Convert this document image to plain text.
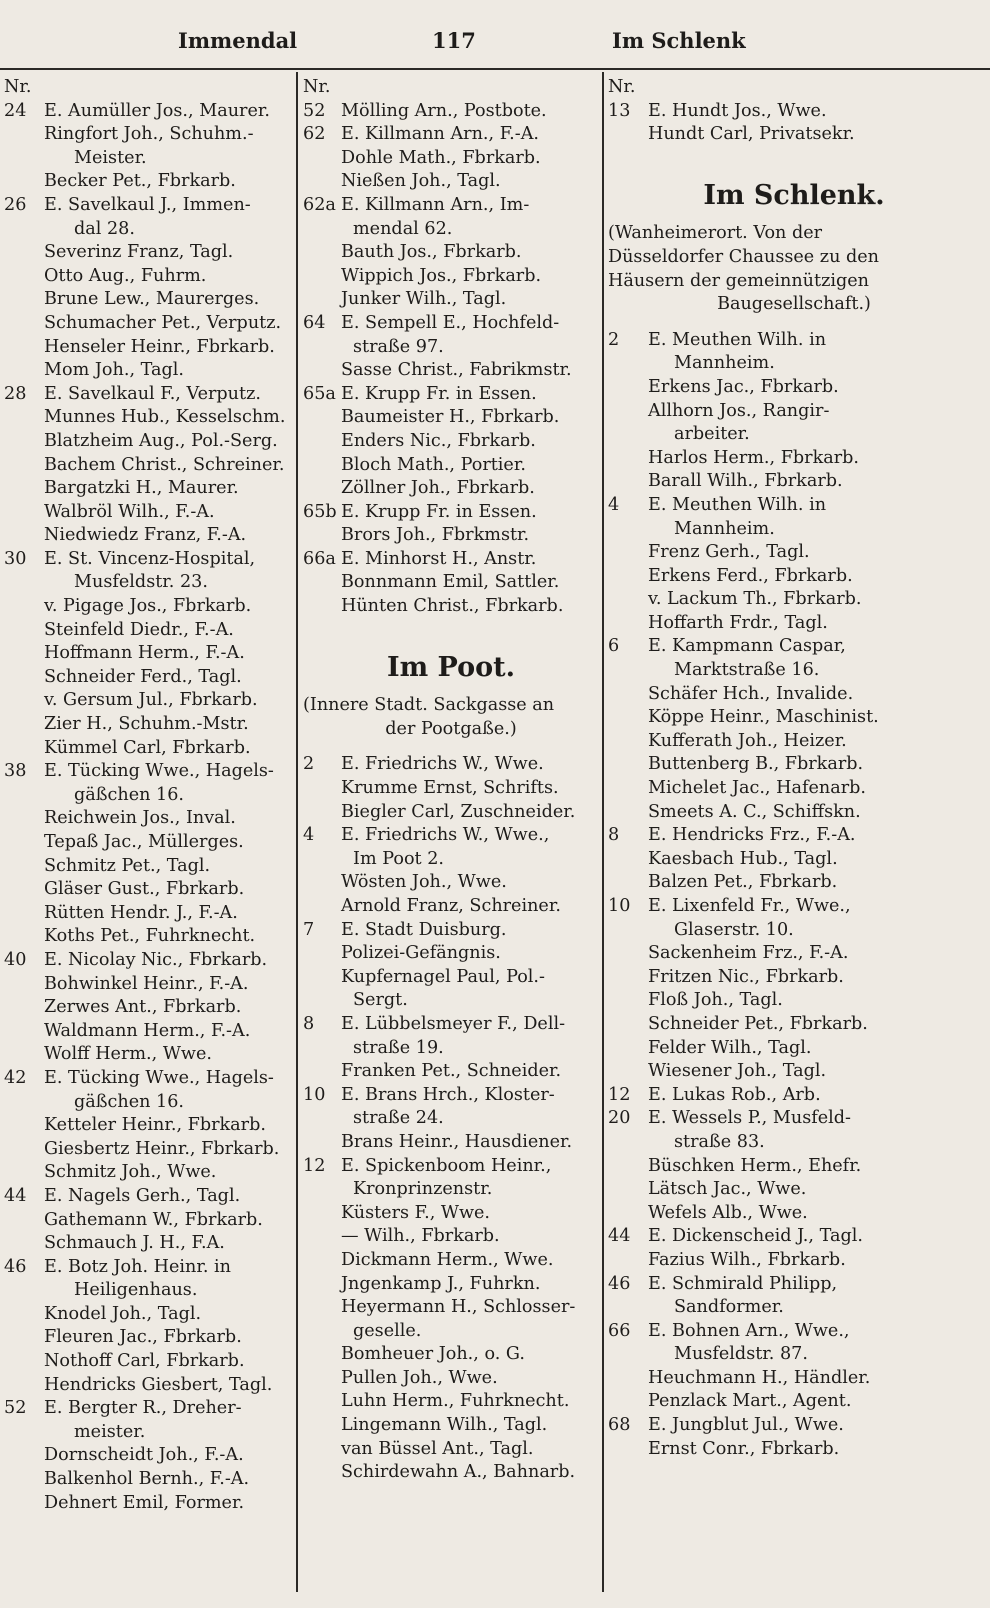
Immendal	117	Im Schlenk
Nr.
24 E. Aumüller Jos., Maurer.
Ringfort Joh., Schuhm.-
Meister.
Becker Pet., Fbrkarb.
26 E. Savelkaul J., Immen-
dal 28.
Severinz Franz, Tagl.
Otto Aug., Fuhrm.
Brune Lew., Maurerges.
Schumacher Pet., Verputz.
Henseler Heinr., Fbrkarb.
Mom Joh., Tagl.
28 E. Savelkaul F., Verputz.
Munnes Hub., Kesselschm.
Blatzheim Aug., Pol.-Serg.
Bachem Christ., Schreiner.
Bargatzki H., Maurer.
Walbröl Wilh., F.-A.
Niedwiedz Franz, F.-A.
30 E. St. Vincenz-Hospital,
Musfeldstr. 23.
v. Pigage Jos., Fbrkarb.
Steinfeld Diedr., F.-A.
Hoffmann Herm., F.-A.
Schneider Ferd., Tagl.
v. Gersum Jul., Fbrkarb.
Zier H., Schuhm.-Mstr.
Kümmel Carl, Fbrkarb.
38 E. Tücking Wwe., Hagels-
gäßchen 16.
Reichwein Jos., Inval.
Tepaß Jac., Müllerges.
Schmitz Pet., Tagl.
Gläser Gust., Fbrkarb.
Rütten Hendr. J., F.-A.
Koths Pet., Fuhrknecht.
40 E. Nicolay Nic., Fbrkarb.
Bohwinkel Heinr., F.-A.
Zerwes Ant., Fbrkarb.
Waldmann Herm., F.-A.
Wolff Herm., Wwe.
42 E. Tücking Wwe., Hagels-
gäßchen 16.
Ketteler Heinr., Fbrkarb.
Giesbertz Heinr., Fbrkarb.
Schmitz Joh., Wwe.
44 E. Nagels Gerh., Tagl.
Gathemann W., Fbrkarb.
Schmauch J. H., F.A.
46 E. Botz Joh. Heinr. in
Heiligenhaus.
Knodel Joh., Tagl.
Fleuren Jac., Fbrkarb.
Nothoff Carl, Fbrkarb.
Hendricks Giesbert, Tagl.
52 E. Bergter R., Dreher-
meister.
Dornscheidt Joh., F.-A.
Balkenhol Bernh., F.-A.
Dehnert Emil, Former.
Nr.
52 Mölling Arn., Postbote.
62 E. Killmann Arn., F.-A.
Dohle Math., Fbrkarb.
Nießen Joh., Tagl.
62a E. Killmann Arn., Im-
mendal 62.
Bauth Jos., Fbrkarb.
Wippich Jos., Fbrkarb.
Junker Wilh., Tagl.
64 E. Sempell E., Hochfeld-
straße 97.
Sasse Christ., Fabrikmstr.
65a E. Krupp Fr. in Essen.
Baumeister H., Fbrkarb.
Enders Nic., Fbrkarb.
Bloch Math., Portier.
Zöllner Joh., Fbrkarb.
65b E. Krupp Fr. in Essen.
Brors Joh., Fbrkmstr.
66a E. Minhorst H., Anstr.
Bonnmann Emil, Sattler.
Hünten Christ., Fbrkarb.
Im Poot.
(Innere Stadt. Sackgasse an
der Pootgaße.)
2 E. Friedrichs W., Wwe.
Krumme Ernst, Schrifts.
Biegler Carl, Zuschneider.
4 E. Friedrichs W., Wwe.,
Im Poot 2.
Wösten Joh., Wwe.
Arnold Franz, Schreiner.
7 E. Stadt Duisburg.
Polizei-Gefängnis.
Kupfernagel Paul, Pol.-
Sergt.
8 E. Lübbelsmeyer F., Dell-
straße 19.
Franken Pet., Schneider.
10 E. Brans Hrch., Kloster-
straße 24.
Brans Heinr., Hausdiener.
12 E. Spickenboom Heinr.,
Kronprinzenstr.
Küsters F., Wwe.
— Wilh., Fbrkarb.
Dickmann Herm., Wwe.
Jngenkamp J., Fuhrkn.
Heyermann H., Schlosser-
geselle.
Bomheuer Joh., o. G.
Pullen Joh., Wwe.
Luhn Herm., Fuhrknecht.
Lingemann Wilh., Tagl.
van Büssel Ant., Tagl.
Schirdewahn A., Bahnarb.
Nr.
13 E. Hundt Jos., Wwe.
Hundt Carl, Privatsekr.
Im Schlenk.
(Wanheimerort. Von der
Düsseldorfer Chaussee zu den
Häusern der gemeinnützigen
Baugesellschaft.)
2 E. Meuthen Wilh. in
Mannheim.
Erkens Jac., Fbrkarb.
Allhorn Jos., Rangir-
arbeiter.
Harlos Herm., Fbrkarb.
Barall Wilh., Fbrkarb.
4 E. Meuthen Wilh. in
Mannheim.
Frenz Gerh., Tagl.
Erkens Ferd., Fbrkarb.
v. Lackum Th., Fbrkarb.
Hoffarth Frdr., Tagl.
6 E. Kampmann Caspar,
Marktstraße 16.
Schäfer Hch., Invalide.
Köppe Heinr., Maschinist.
Kufferath Joh., Heizer.
Buttenberg B., Fbrkarb.
Michelet Jac., Hafenarb.
Smeets A. C., Schiffskn.
8 E. Hendricks Frz., F.-A.
Kaesbach Hub., Tagl.
Balzen Pet., Fbrkarb.
10 E. Lixenfeld Fr., Wwe.,
Glaserstr. 10.
Sackenheim Frz., F.-A.
Fritzen Nic., Fbrkarb.
Floß Joh., Tagl.
Schneider Pet., Fbrkarb.
Felder Wilh., Tagl.
Wiesener Joh., Tagl.
12 E. Lukas Rob., Arb.
20 E. Wessels P., Musfeld-
straße 83.
Büschken Herm., Ehefr.
Lätsch Jac., Wwe.
Wefels Alb., Wwe.
44 E. Dickenscheid J., Tagl.
Fazius Wilh., Fbrkarb.
46 E. Schmirald Philipp,
Sandformer.
66 E. Bohnen Arn., Wwe.,
Musfeldstr. 87.
Heuchmann H., Händler.
Penzlack Mart., Agent.
68 E. Jungblut Jul., Wwe.
Ernst Conr., Fbrkarb.
